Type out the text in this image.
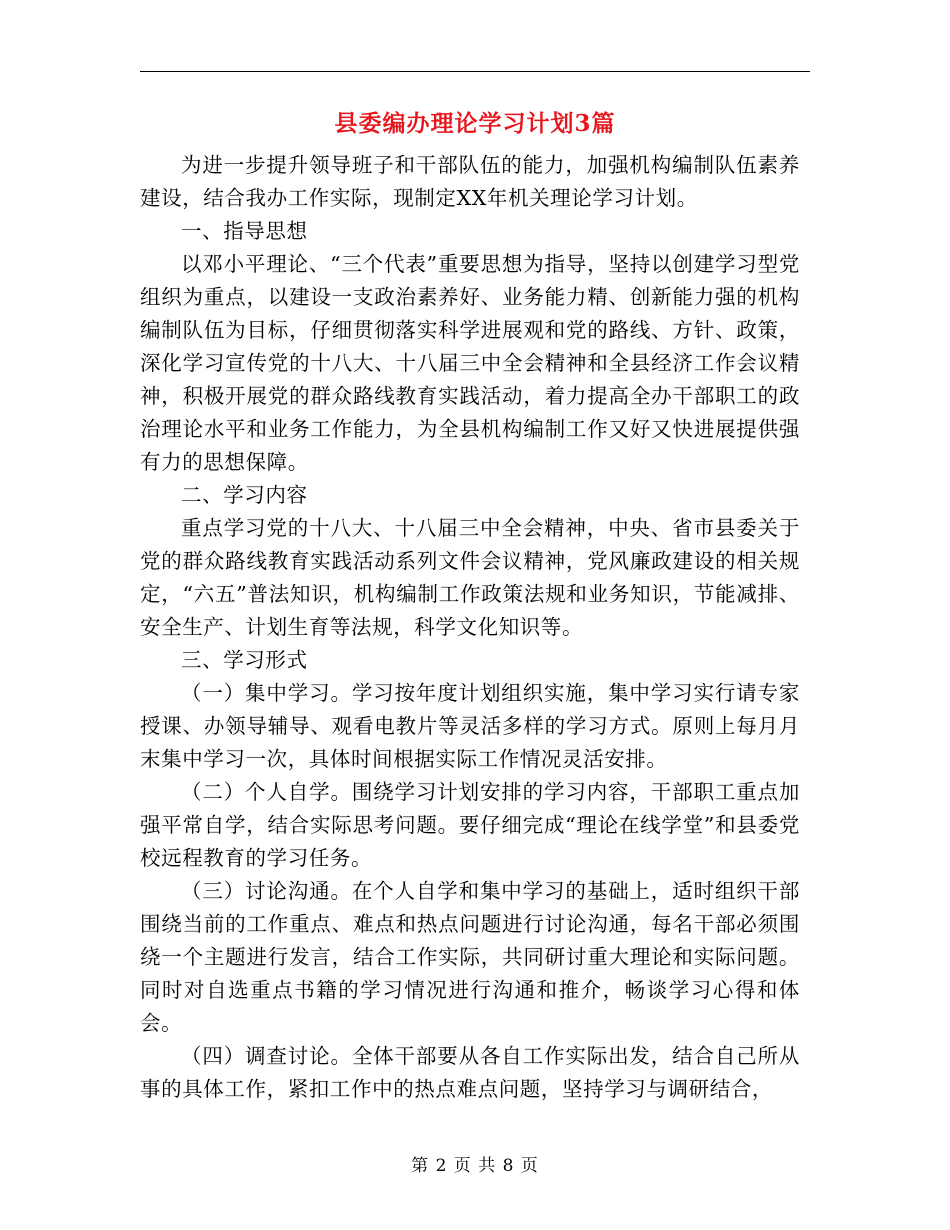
县委编办理论学习计划3篇

为进一步提升领导班子和干部队伍的能力，加强机构编制队伍素养建设，结合我办工作实际，现制定XX年机关理论学习计划。

一、指导思想

以邓小平理论、“三个代表”重要思想为指导，坚持以创建学习型党组织为重点，以建设一支政治素养好、业务能力精、创新能力强的机构编制队伍为目标，仔细贯彻落实科学进展观和党的路线、方针、政策，深化学习宣传党的十八大、十八届三中全会精神和全县经济工作会议精神，积极开展党的群众路线教育实践活动，着力提高全办干部职工的政治理论水平和业务工作能力，为全县机构编制工作又好又快进展提供强有力的思想保障。

二、学习内容

重点学习党的十八大、十八届三中全会精神，中央、省市县委关于党的群众路线教育实践活动系列文件会议精神，党风廉政建设的相关规定，“六五”普法知识，机构编制工作政策法规和业务知识，节能减排、安全生产、计划生育等法规，科学文化知识等。

三、学习形式

（一）集中学习。学习按年度计划组织实施，集中学习实行请专家授课、办领导辅导、观看电教片等灵活多样的学习方式。原则上每月月末集中学习一次，具体时间根据实际工作情况灵活安排。

（二）个人自学。围绕学习计划安排的学习内容，干部职工重点加强平常自学，结合实际思考问题。要仔细完成“理论在线学堂”和县委党校远程教育的学习任务。

（三）讨论沟通。在个人自学和集中学习的基础上，适时组织干部围绕当前的工作重点、难点和热点问题进行讨论沟通，每名干部必须围绕一个主题进行发言，结合工作实际，共同研讨重大理论和实际问题。同时对自选重点书籍的学习情况进行沟通和推介，畅谈学习心得和体会。

（四）调查讨论。全体干部要从各自工作实际出发，结合自己所从事的具体工作，紧扣工作中的热点难点问题，坚持学习与调研结合，

第 2 页 共 8 页
